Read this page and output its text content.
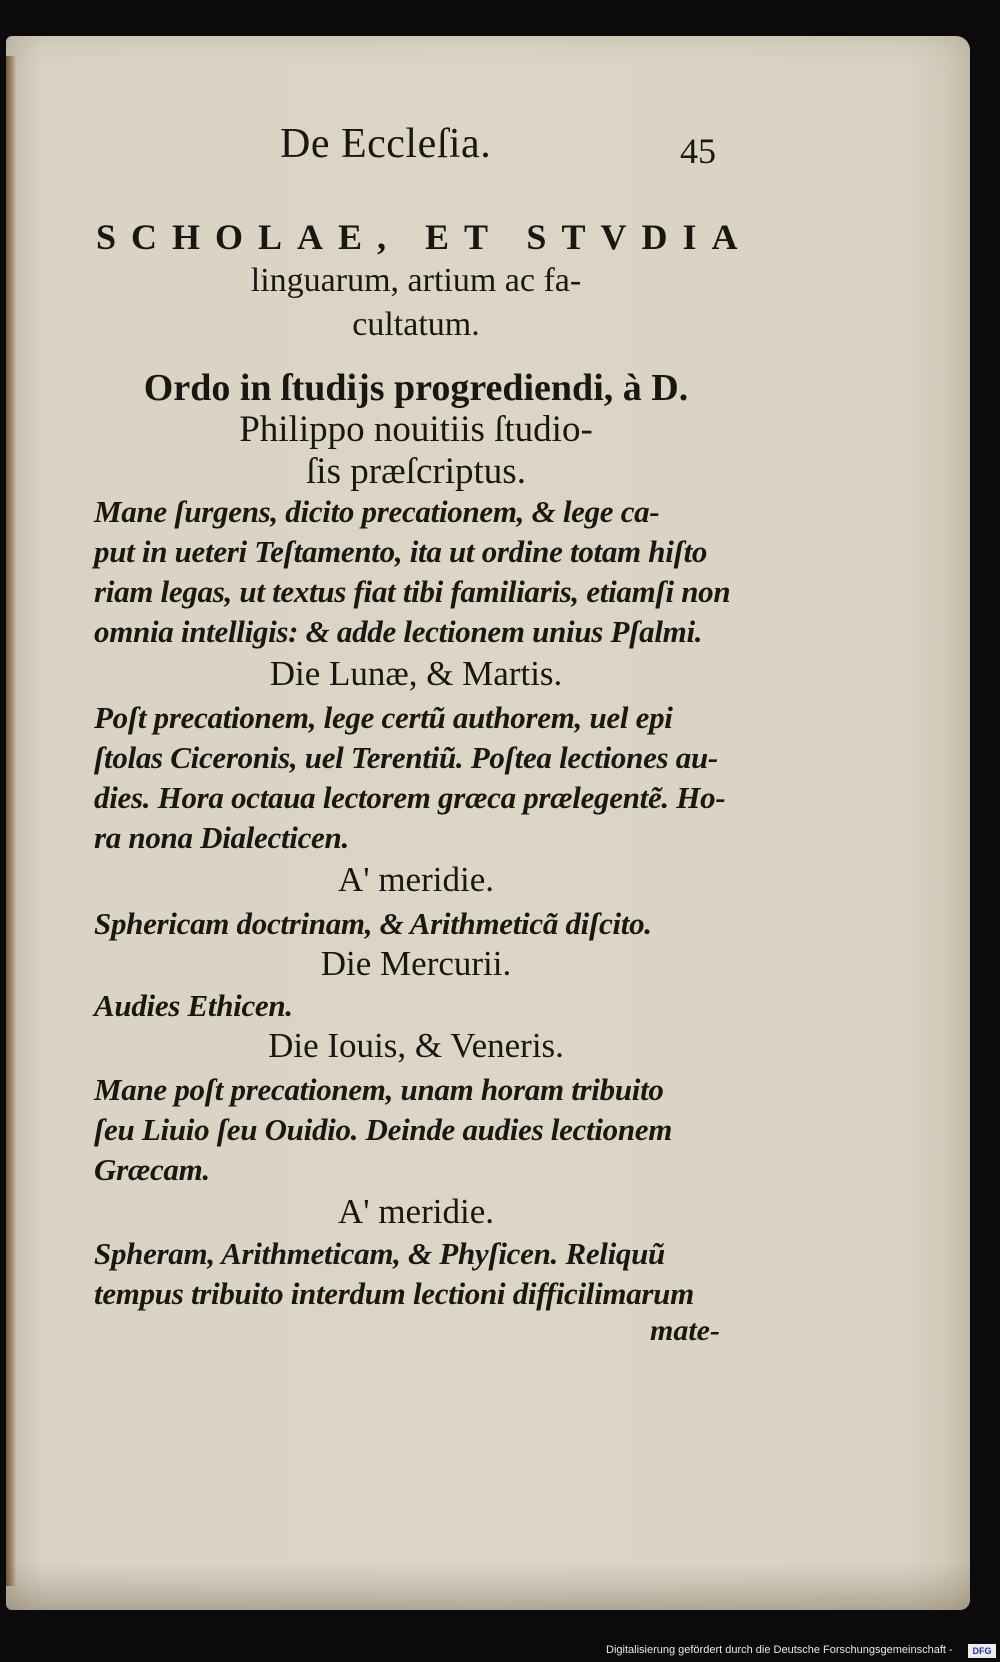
De Eccleſia.	45
SCHOLAE, ET STVDIA
linguarum, artium ac fa-
cultatum.
Ordo in ſtudijs progrediendi, à D.
Philippo nouitiis ſtudio-
ſis præſcriptus.
Mane ſurgens, dicito precationem, & lege ca-
put in ueteri Teſtamento, ita ut ordine totam hiſto
riam legas, ut textus fiat tibi familiaris, etiamſi non
omnia intelligis: & adde lectionem unius Pſalmi.
Die Lunæ, & Martis.
Poſt precationem, lege certũ authorem, uel epi
ſtolas Ciceronis, uel Terentiũ. Poſtea lectiones au-
dies. Hora octaua lectorem græca prælegentẽ. Ho-
ra nona Dialecticen.
A' meridie.
Sphericam doctrinam, & Arithmeticã diſcito.
Die Mercurii.
Audies Ethicen.
Die Iouis, & Veneris.
Mane poſt precationem, unam horam tribuito
ſeu Liuio ſeu Ouidio. Deinde audies lectionem
Græcam.
A' meridie.
Spheram, Arithmeticam, & Phyſicen. Reliquũ
tempus tribuito interdum lectioni difficilimarum
mate-
Digitalisierung gefördert durch die Deutsche Forschungsgemeinschaft -	DFG
